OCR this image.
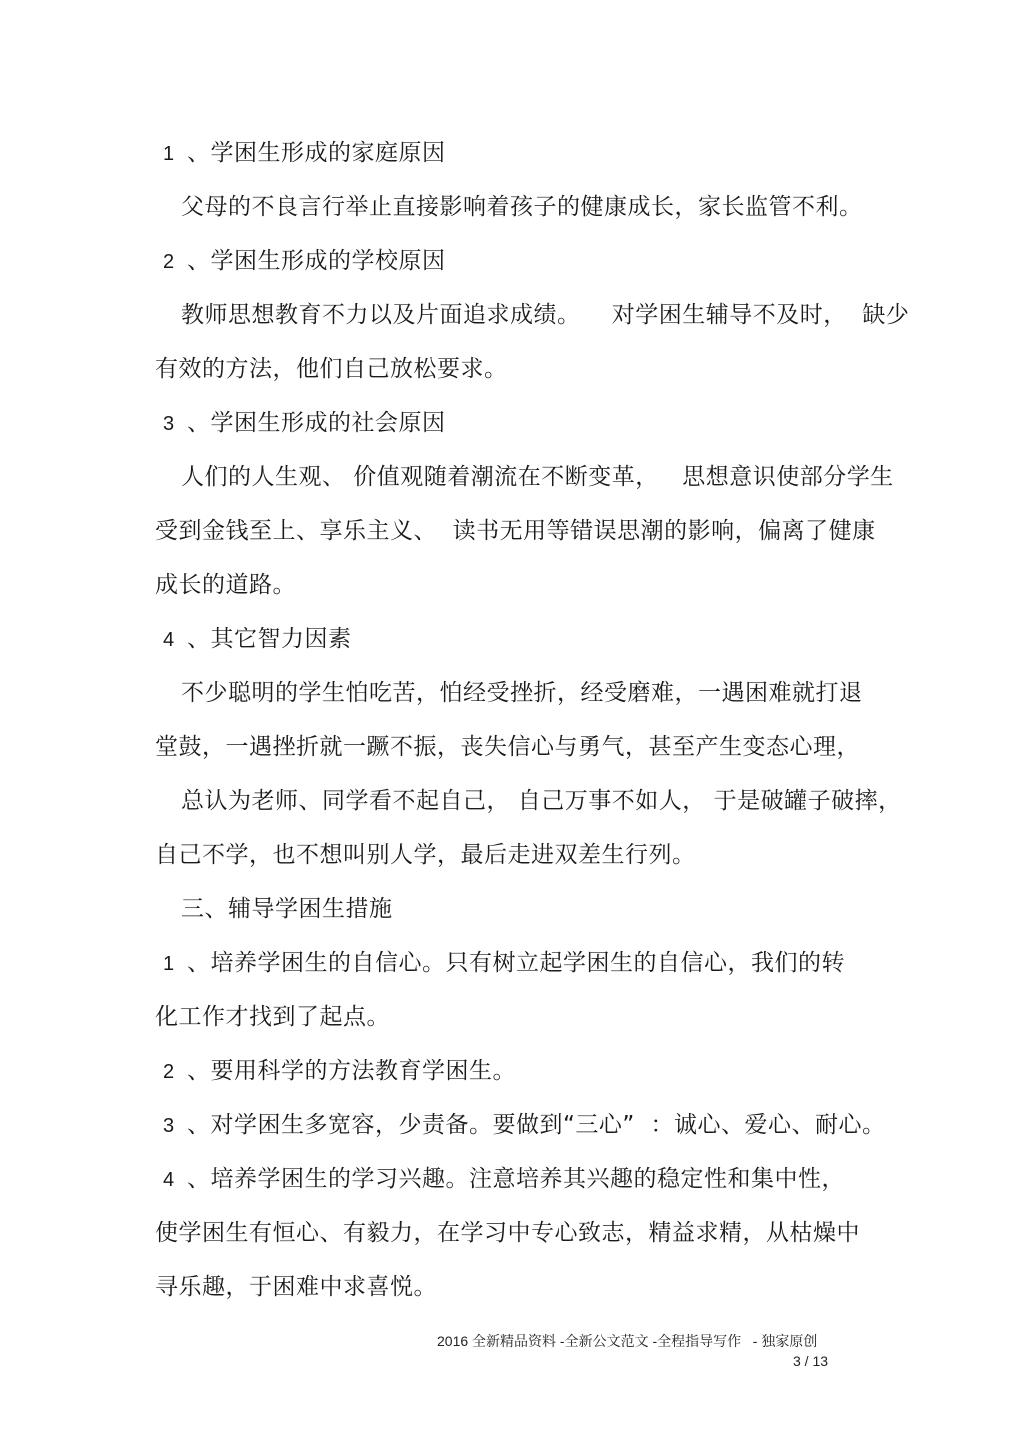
1 、学困生形成的家庭原因
父母的不良言行举止直接影响着孩子的健康成长，家长监管不利。
2 、学困生形成的学校原因
教师思想教育不力以及片面追求成绩。    对学困生辅导不及时，  缺少
有效的方法，他们自己放松要求。
3 、学困生形成的社会原因
人们的人生观、 价值观随着潮流在不断变革，   思想意识使部分学生
受到金钱至上、享乐主义、  读书无用等错误思潮的影响，偏离了健康
成长的道路。
4 、其它智力因素
不少聪明的学生怕吃苦，怕经受挫折，经受磨难，一遇困难就打退
堂鼓，一遇挫折就一蹶不振，丧失信心与勇气，甚至产生变态心理，
总认为老师、同学看不起自己， 自己万事不如人， 于是破罐子破摔，
自己不学，也不想叫别人学，最后走进双差生行列。
三、辅导学困生措施
1 、培养学困生的自信心。只有树立起学困生的自信心，我们的转
化工作才找到了起点。
2 、要用科学的方法教育学困生。
3 、对学困生多宽容，少责备。要做到“三心”  ：诚心、爱心、耐心。
4 、培养学困生的学习兴趣。注意培养其兴趣的稳定性和集中性，
使学困生有恒心、有毅力，在学习中专心致志，精益求精，从枯燥中
寻乐趣，于困难中求喜悦。
2016 全新精品资料 -全新公文范文 -全程指导写作   - 独家原创
3 / 13
